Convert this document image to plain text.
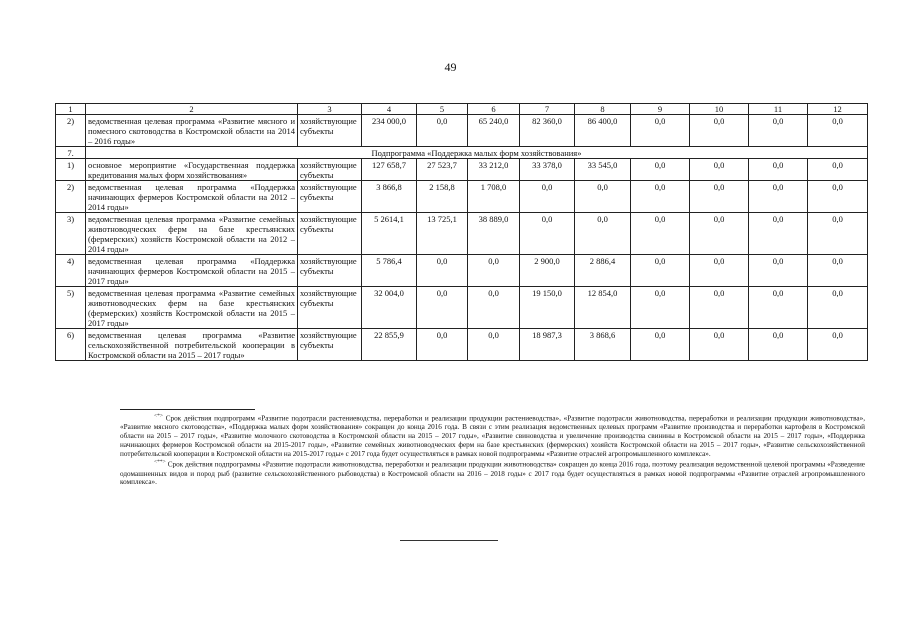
49
1	2	3	4	5	6	7	8	9	10	11	12
2)	ведомственная целевая программа «Развитие мясного и помесного скотоводства в Костромской области на 2014 – 2016 годы»	хозяйствующие субъекты	234 000,0	0,0	65 240,0	82 360,0	86 400,0	0,0	0,0	0,0	0,0
7.	Подпрограмма «Поддержка малых форм хозяйствования»										
1)	основное мероприятие «Государственная поддержка кредитования малых форм хозяйствования»	хозяйствующие субъекты	127 658,7	27 523,7	33 212,0	33 378,0	33 545,0	0,0	0,0	0,0	0,0
2)	ведомственная целевая программа «Поддержка начинающих фермеров Костромской области на 2012 – 2014 годы»	хозяйствующие субъекты	3 866,8	2 158,8	1 708,0	0,0	0,0	0,0	0,0	0,0	0,0
3)	ведомственная целевая программа «Развитие семейных животноводческих ферм на базе крестьянских (фермерских) хозяйств Костромской области на 2012 – 2014 годы»	хозяйствующие субъекты	5 2614,1	13 725,1	38 889,0	0,0	0,0	0,0	0,0	0,0	0,0
4)	ведомственная целевая программа «Поддержка начинающих фермеров Костромской области на 2015 – 2017 годы»	хозяйствующие субъекты	5 786,4	0,0	0,0	2 900,0	2 886,4	0,0	0,0	0,0	0,0
5)	ведомственная целевая программа «Развитие семейных животноводческих ферм на базе крестьянских (фермерских) хозяйств Костромской области на 2015 – 2017 годы»	хозяйствующие субъекты	32 004,0	0,0	0,0	19 150,0	12 854,0	0,0	0,0	0,0	0,0
6)	ведомственная целевая программа «Развитие сельскохозяйственной потребительской кооперации в Костромской области на 2015 – 2017 годы»	хозяйствующие субъекты	22 855,9	0,0	0,0	18 987,3	3 868,6	0,0	0,0	0,0	0,0

<*> Срок действия подпрограмм «Развитие подотрасли растениеводства, переработки и реализации продукции растениеводства», «Развитие подотрасли животноводства, переработки и реализации продукции животноводства», «Развитие мясного скотоводства», «Поддержка малых форм хозяйствования» сокращен до конца 2016 года. В связи с этим реализация ведомственных целевых программ «Развитие производства и переработки картофеля в Костромской области на 2015 – 2017 годы», «Развитие молочного скотоводства в Костромской области на 2015 – 2017 годы», «Развитие свиноводства и увеличение производства свинины в Костромской области на 2015 – 2017 годы», «Поддержка начинающих фермеров Костромской области на 2015-2017 годы», «Развитие семейных животноводческих ферм на базе крестьянских (фермерских) хозяйств Костромской области на 2015 – 2017 годы», «Развитие сельскохозяйственной потребительской кооперации в Костромской области на 2015-2017 годы» с 2017 года будет осуществляться в рамках новой подпрограммы «Развитие отраслей агропромышленного комплекса».

<**> Срок действия подпрограммы «Развитие подотрасли животноводства, переработки и реализации продукции животноводства» сокращен до конца 2016 года, поэтому реализация ведомственной целевой программы «Разведение одомашненных видов и пород рыб (развитие сельскохозяйственного рыбоводства) в Костромской области на 2016 – 2018 годы» с 2017 года будет осуществляться в рамках новой подпрограммы «Развитие отраслей агропромышленного комплекса».
